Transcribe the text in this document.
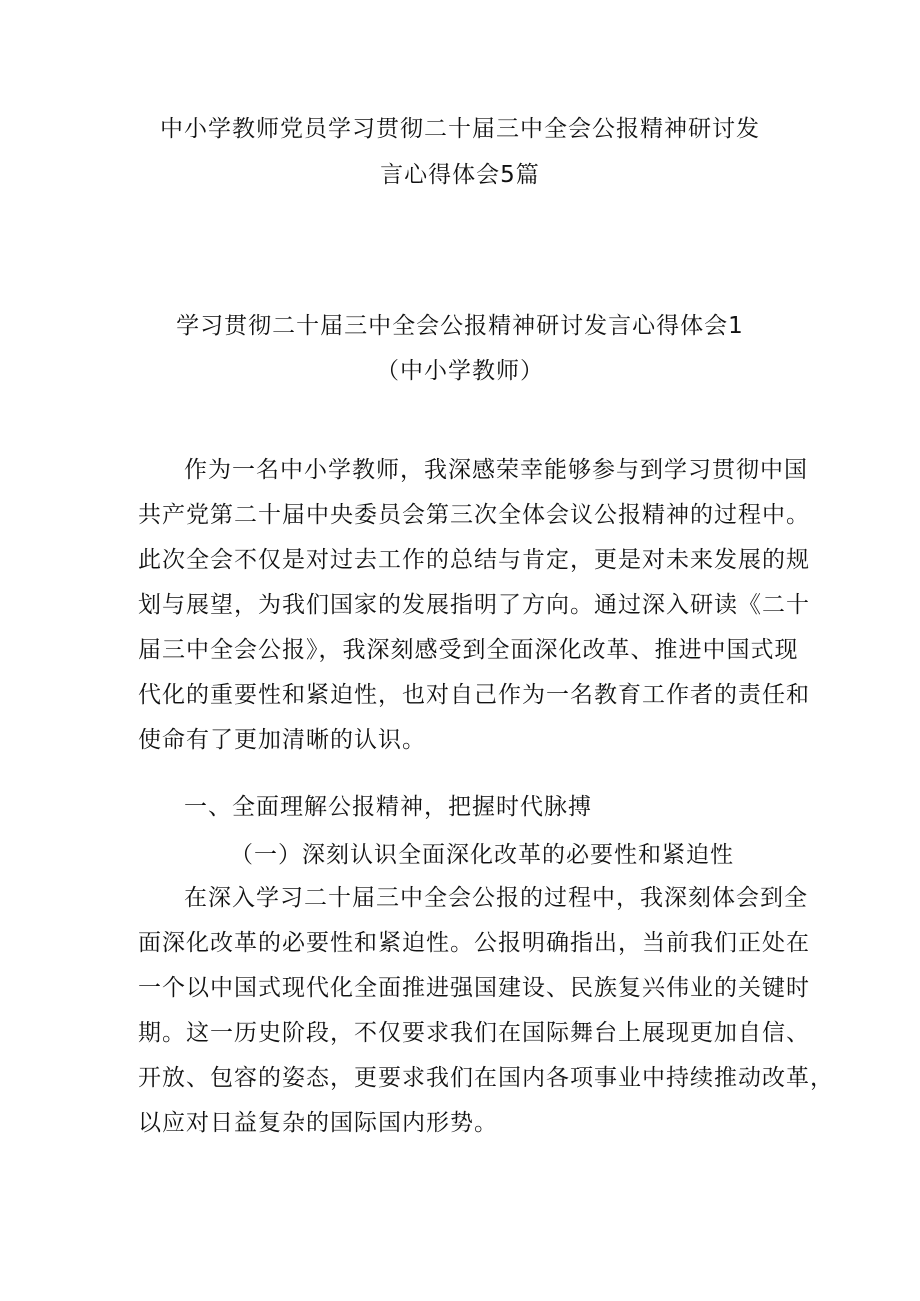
中小学教师党员学习贯彻二十届三中全会公报精神研讨发
言心得体会5篇
学习贯彻二十届三中全会公报精神研讨发言心得体会1
（中小学教师）
作为一名中小学教师，我深感荣幸能够参与到学习贯彻中国
共产党第二十届中央委员会第三次全体会议公报精神的过程中。
此次全会不仅是对过去工作的总结与肯定，更是对未来发展的规
划与展望，为我们国家的发展指明了方向。通过深入研读《二十
届三中全会公报》，我深刻感受到全面深化改革、推进中国式现
代化的重要性和紧迫性，也对自己作为一名教育工作者的责任和
使命有了更加清晰的认识。
一、全面理解公报精神，把握时代脉搏
（一）深刻认识全面深化改革的必要性和紧迫性
在深入学习二十届三中全会公报的过程中，我深刻体会到全
面深化改革的必要性和紧迫性。公报明确指出，当前我们正处在
一个以中国式现代化全面推进强国建设、民族复兴伟业的关键时
期。这一历史阶段，不仅要求我们在国际舞台上展现更加自信、
开放、包容的姿态，更要求我们在国内各项事业中持续推动改革，
以应对日益复杂的国际国内形势。
